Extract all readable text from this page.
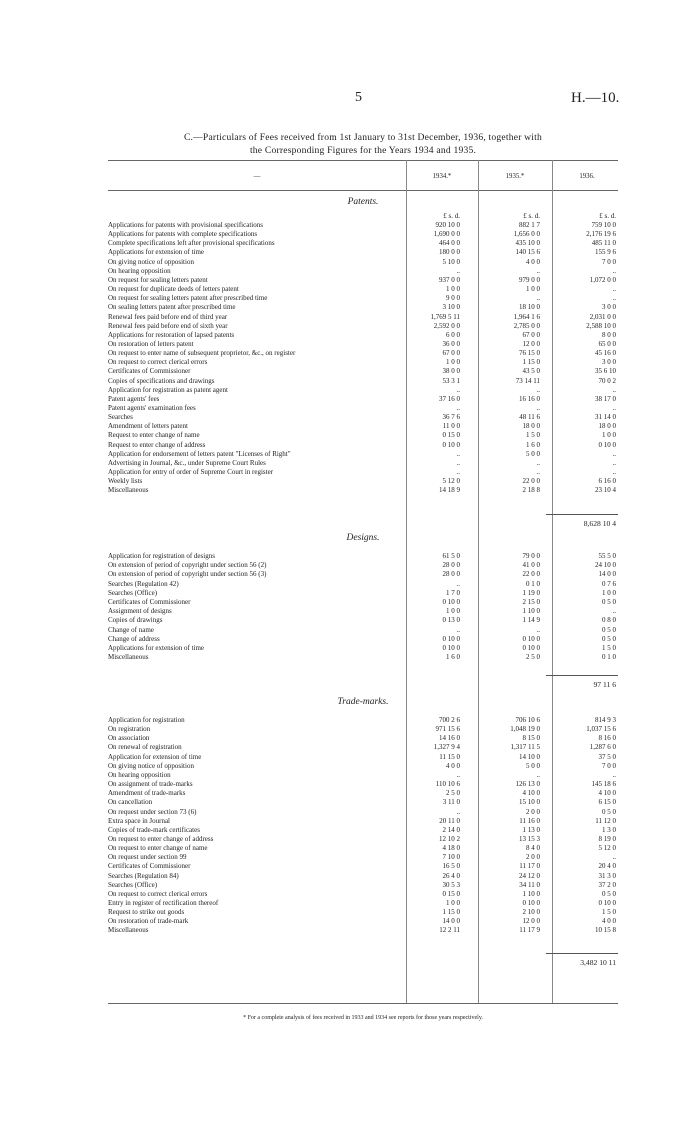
5	H.—10.
C.—Particulars of Fees received from 1st January to 31st December, 1936, together with
the Corresponding Figures for the Years 1934 and 1935.
—	1934.*	1935.*	1936.
Patents.
£ s. d.	£ s. d.	£ s. d.
Applications for patents with provisional specifications	920 10 0	882 1 7	759 10 0
Applications for patents with complete specifications	1,690 0 0	1,656 0 0	2,176 19 6
Complete specifications left after provisional specifications	464 0 0	435 10 0	485 11 0
Applications for extension of time	180 0 0	140 15 6	155 9 6
On giving notice of opposition	5 10 0	4 0 0	7 0 0
On hearing opposition	..	..	..
On request for sealing letters patent	937 0 0	979 0 0	1,072 0 0
On request for duplicate deeds of letters patent	1 0 0	1 0 0	..
On request for sealing letters patent after prescribed time	9 0 0	..	..
On sealing letters patent after prescribed time	3 10 0	18 10 0	3 0 0
Renewal fees paid before end of third year	1,769 5 11	1,964 1 6	2,031 0 0
Renewal fees paid before end of sixth year	2,592 0 0	2,785 0 0	2,588 10 0
Applications for restoration of lapsed patents	6 0 0	67 0 0	8 0 0
On restoration of letters patent	36 0 0	12 0 0	65 0 0
On request to enter name of subsequent proprietor, &c., on register	67 0 0	76 15 0	45 16 0
On request to correct clerical errors	1 0 0	1 15 0	3 0 0
Certificates of Commissioner	38 0 0	43 5 0	35 6 10
Copies of specifications and drawings	53 3 1	73 14 11	70 0 2
Application for registration as patent agent	..	..	..
Patent agents' fees	37 16 0	16 16 0	38 17 0
Patent agents' examination fees	..	..	..
Searches	36 7 6	48 11 6	31 14 0
Amendment of letters patent	11 0 0	18 0 0	18 0 0
Request to enter change of name	0 15 0	1 5 0	1 0 0
Request to enter change of address	0 10 0	1 6 0	0 10 0
Application for endorsement of letters patent "Licenses of Right"	..	5 0 0	..
Advertising in Journal, &c., under Supreme Court Rules	..	..	..
Application for entry of order of Supreme Court in register	..	..	..
Weekly lists	5 12 0	22 0 0	6 16 0
Miscellaneous	14 18 9	2 18 8	23 10 4
8,628 10 4
Designs.
Application for registration of designs	61 5 0	79 0 0	55 5 0
On extension of period of copyright under section 56 (2)	28 0 0	41 0 0	24 10 0
On extension of period of copyright under section 56 (3)	28 0 0	22 0 0	14 0 0
Searches (Regulation 42)	..	0 1 0	0 7 6
Searches (Office)	1 7 0	1 19 0	1 0 0
Certificates of Commissioner	0 10 0	2 15 0	0 5 0
Assignment of designs	1 0 0	1 10 0	..
Copies of drawings	0 13 0	1 14 9	0 8 0
Change of name	..	..	0 5 0
Change of address	0 10 0	0 10 0	0 5 0
Applications for extension of time	0 10 0	0 10 0	1 5 0
Miscellaneous	1 6 0	2 5 0	0 1 0
97 11 6
Trade-marks.
Application for registration	700 2 6	706 10 6	814 9 3
On registration	971 15 6	1,048 19 0	1,037 15 6
On association	14 16 0	8 15 0	8 16 0
On renewal of registration	1,327 9 4	1,317 11 5	1,287 6 0
Application for extension of time	11 15 0	14 10 0	37 5 0
On giving notice of opposition	4 0 0	5 0 0	7 0 0
On hearing opposition	..	..	..
On assignment of trade-marks	110 10 6	126 13 0	145 18 6
Amendment of trade-marks	2 5 0	4 10 0	4 10 0
On cancellation	3 11 0	15 10 0	6 15 0
On request under section 73 (6)	..	2 0 0	0 5 0
Extra space in Journal	20 11 0	11 16 0	11 12 0
Copies of trade-mark certificates	2 14 0	1 13 0	1 3 0
On request to enter change of address	12 10 2	13 15 3	8 19 0
On request to enter change of name	4 18 0	8 4 0	5 12 0
On request under section 99	7 10 0	2 0 0	..
Certificates of Commissioner	16 5 0	11 17 0	20 4 0
Searches (Regulation 84)	26 4 0	24 12 0	31 3 0
Searches (Office)	30 5 3	34 11 0	37 2 0
On request to correct clerical errors	0 15 0	1 10 0	0 5 0
Entry in register of rectification thereof	1 0 0	0 10 0	0 10 0
Request to strike out goods	1 15 0	2 10 0	1 5 0
On restoration of trade-mark	14 0 0	12 0 0	4 0 0
Miscellaneous	12 2 11	11 17 9	10 15 8
3,482 10 11
* For a complete analysis of fees received in 1933 and 1934 see reports for those years respectively.
